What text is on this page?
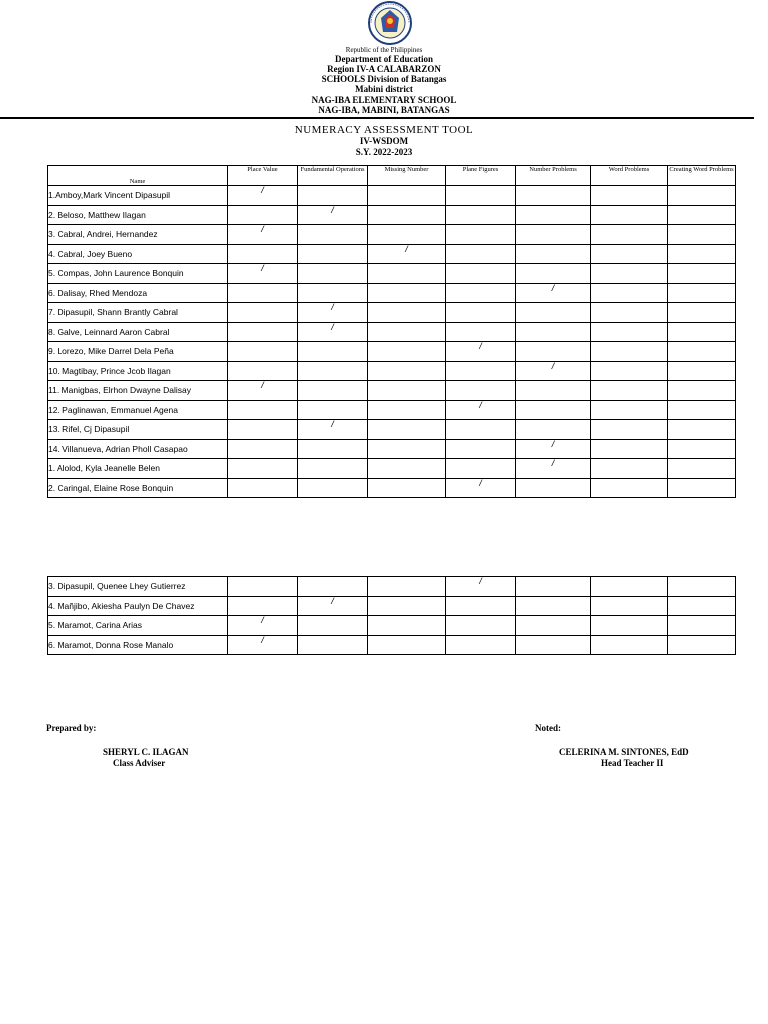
Republic of the Philippines
Department of Education
Region IV-A CALABARZON
SCHOOLS Division of Batangas
Mabini district
NAG-IBA ELEMENTARY SCHOOL
NAG-IBA, MABINI, BATANGAS
NUMERACY ASSESSMENT TOOL
IV-WSDOM
S.Y. 2022-2023
Name	Place Value	Fundamental Operations	Missing Number	Plane Figures	Number Problems	Word Problems	Creating Word Problems
1.Amboy,Mark Vincent Dipasupil	/						
2. Beloso, Matthew Ilagan		/					
3. Cabral, Andrei, Hernandez	/						
4. Cabral, Joey Bueno			/				
5. Compas, John Laurence Bonquin	/						
6. Dalisay, Rhed Mendoza					/		
7. Dipasupil, Shann Brantly Cabral		/					
8. Galve, Leinnard Aaron Cabral		/					
9. Lorezo, Mike Darrel Dela Peña				/			
10. Magtibay, Prince Jcob Ilagan					/		
11. Manigbas, Elrhon Dwayne Dalisay	/						
12. Paglinawan, Emmanuel Agena				/			
13. Rifel, Cj Dipasupil		/					
14. Villanueva, Adrian Pholl Casapao					/		
1. Alolod, Kyla Jeanelle Belen					/		
2. Caringal, Elaine Rose Bonquin				/			
3. Dipasupil, Quenee Lhey Gutierrez				/			
4. Mañjibo, Akiesha Paulyn De Chavez		/					
5. Maramot, Carina Arias	/						
6. Maramot, Donna Rose Manalo	/						
Prepared by:
SHERYL C. ILAGAN
Class Adviser
Noted:
CELERINA M. SINTONES, EdD
Head Teacher II
